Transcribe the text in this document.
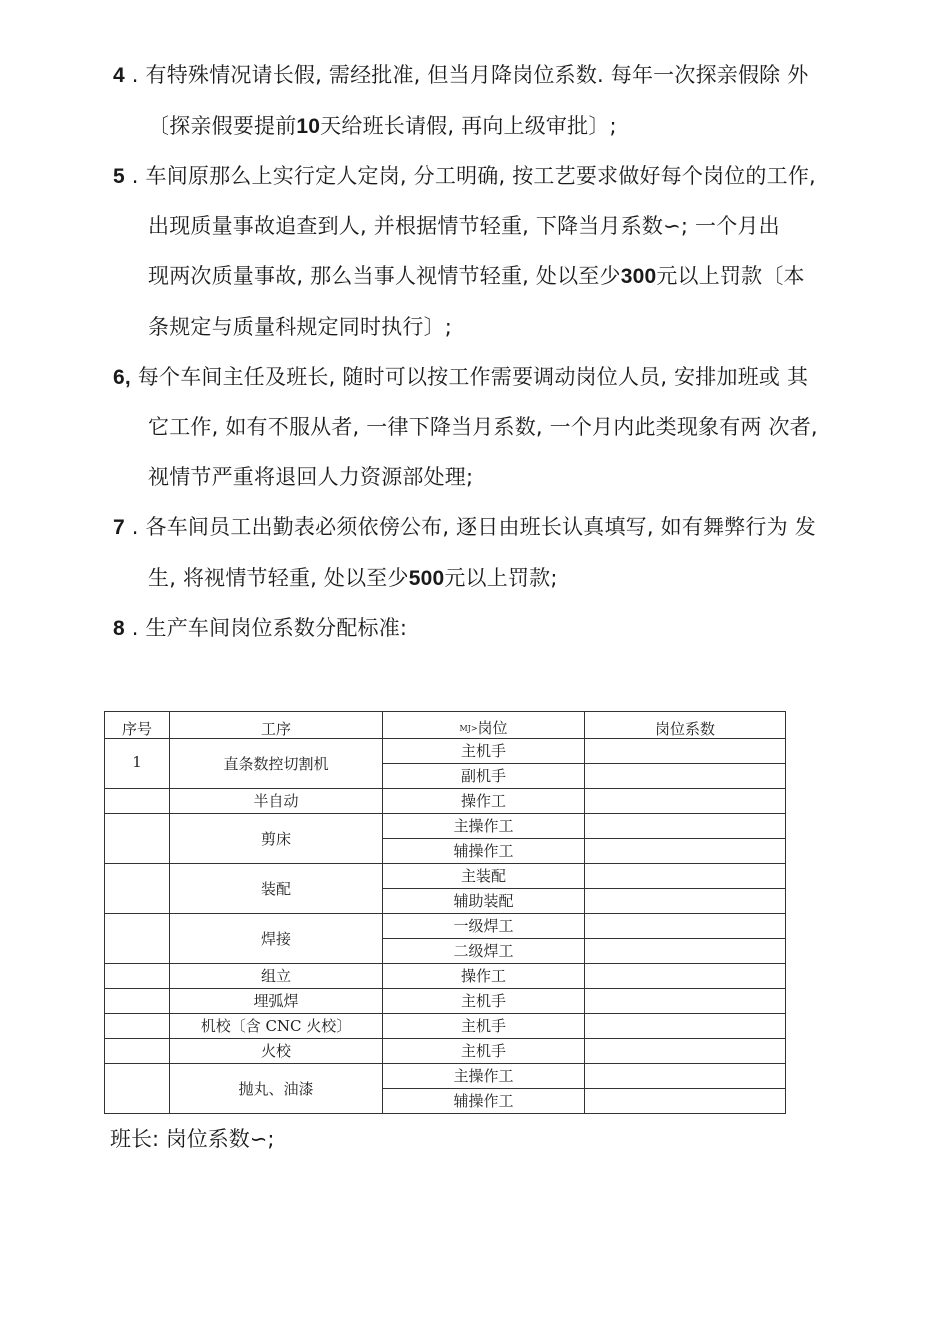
4 . 有特殊情况请长假, 需经批准, 但当月降岗位系数. 每年一次探亲假除 外
〔探亲假要提前10天给班长请假, 再向上级审批〕;
5 . 车间原那么上实行定人定岗, 分工明确, 按工艺要求做好每个岗位的工作,
出现质量事故追查到人, 并根据情节轻重, 下降当月系数∽; 一个月出
现两次质量事故, 那么当事人视情节轻重, 处以至少300元以上罚款〔本
条规定与质量科规定同时执行〕;
6, 每个车间主任及班长, 随时可以按工作需要调动岗位人员, 安排加班或 其
它工作, 如有不服从者, 一律下降当月系数, 一个月内此类现象有两 次者,
视情节严重将退回人力资源部处理;
7 . 各车间员工出勤表必须依傍公布, 逐日由班长认真填写, 如有舞弊行为 发
生, 将视情节轻重, 处以至少500元以上罚款;
8 . 生产车间岗位系数分配标准:
序号	工序	MJ>岗位	岗位系数
1	直条数控切割机	主机手	
		副机手	
	半自动	操作工	
	剪床	主操作工	
		辅操作工	
	装配	主装配	
		辅助装配	
	焊接	一级焊工	
		二级焊工	
	组立	操作工	
	埋弧焊	主机手	
	机校〔含 CNC 火校〕	主机手	
	火校	主机手	
	抛丸、油漆	主操作工	
		辅操作工	
班长: 岗位系数∽;
